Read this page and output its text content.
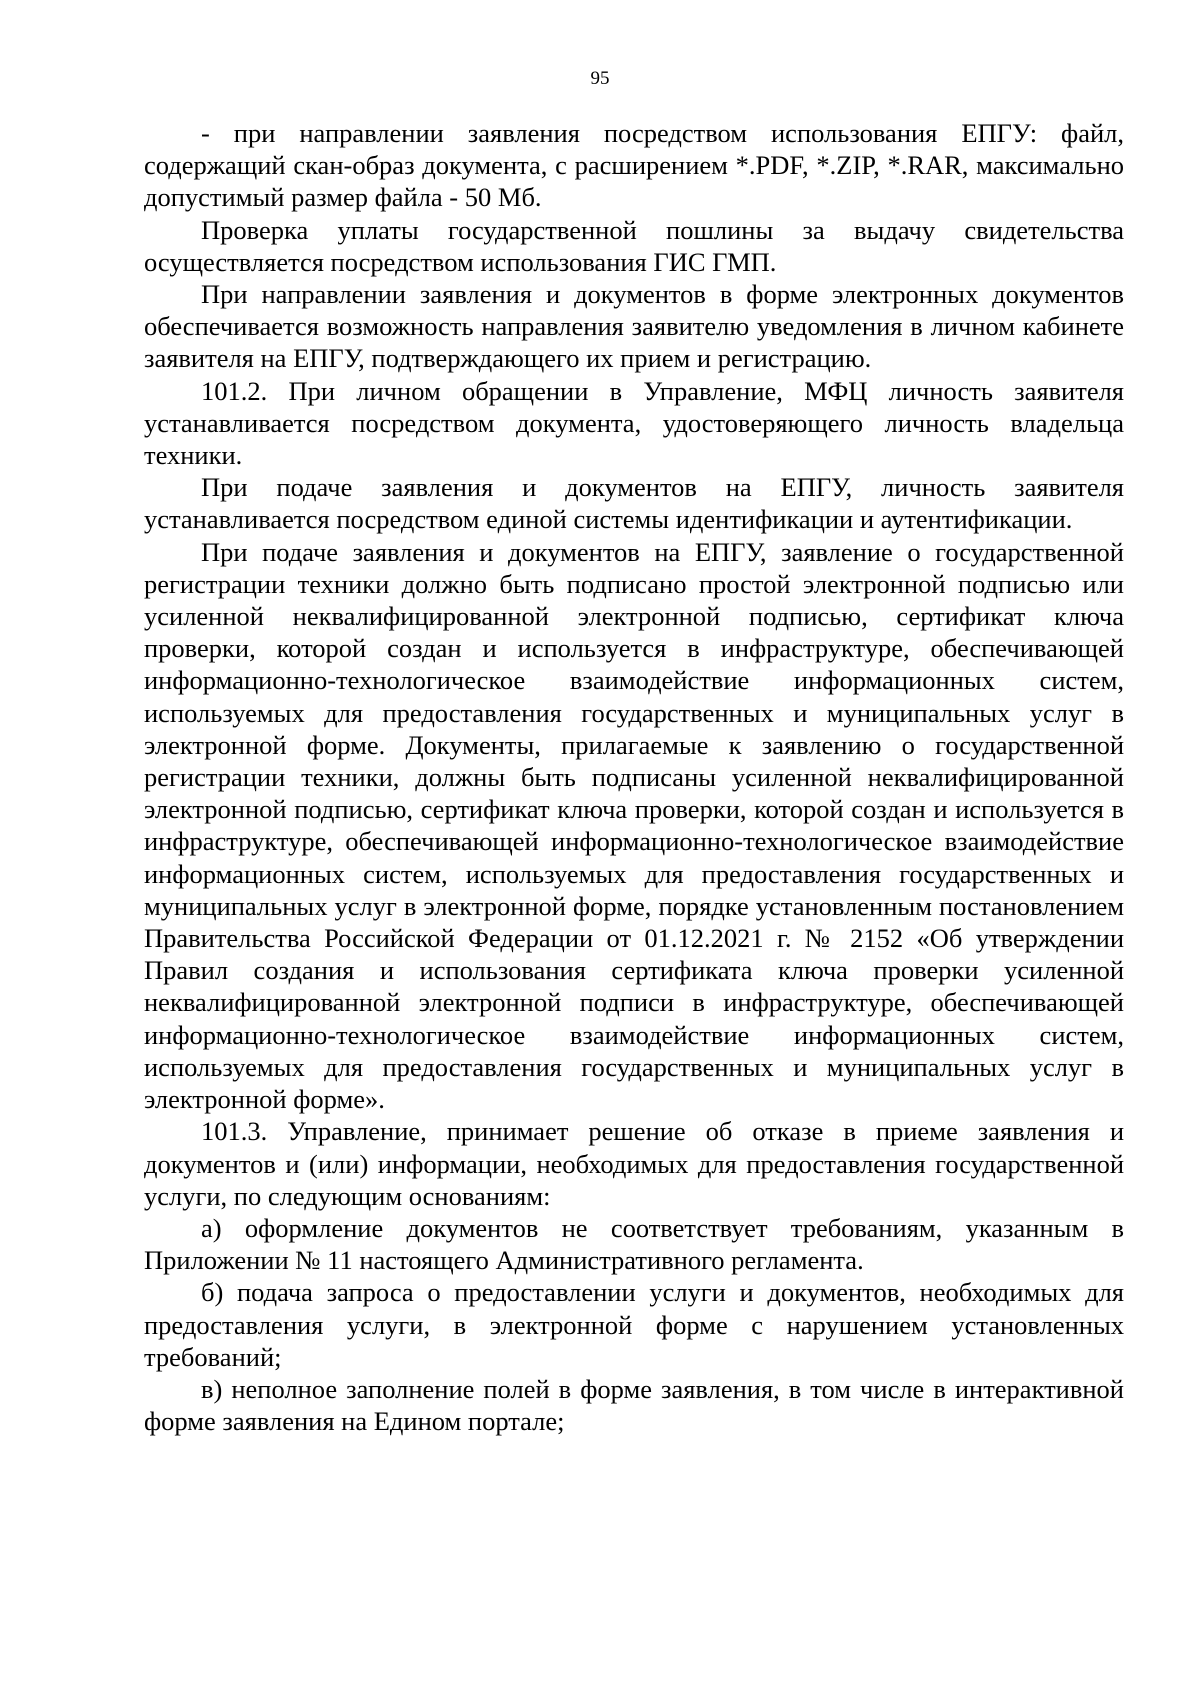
95

- при направлении заявления посредством использования ЕПГУ: файл, содержащий скан-образ документа, с расширением *.PDF, *.ZIP, *.RAR, максимально допустимый размер файла - 50 Мб.

Проверка уплаты государственной пошлины за выдачу свидетельства осуществляется посредством использования ГИС ГМП.

При направлении заявления и документов в форме электронных документов обеспечивается возможность направления заявителю уведомления в личном кабинете заявителя на ЕПГУ, подтверждающего их прием и регистрацию.

101.2. При личном обращении в Управление, МФЦ личность заявителя устанавливается посредством документа, удостоверяющего личность владельца техники.

При подаче заявления и документов на ЕПГУ, личность заявителя устанавливается посредством единой системы идентификации и аутентификации.

При подаче заявления и документов на ЕПГУ, заявление о государственной регистрации техники должно быть подписано простой электронной подписью или усиленной неквалифицированной электронной подписью, сертификат ключа проверки, которой создан и используется в инфраструктуре, обеспечивающей информационно-технологическое взаимодействие информационных систем, используемых для предоставления государственных и муниципальных услуг в электронной форме. Документы, прилагаемые к заявлению о государственной регистрации техники, должны быть подписаны усиленной неквалифицированной электронной подписью, сертификат ключа проверки, которой создан и используется в инфраструктуре, обеспечивающей информационно-технологическое взаимодействие информационных систем, используемых для предоставления государственных и муниципальных услуг в электронной форме, порядке установленным постановлением Правительства Российской Федерации от 01.12.2021 г. № 2152 «Об утверждении Правил создания и использования сертификата ключа проверки усиленной неквалифицированной электронной подписи в инфраструктуре, обеспечивающей информационно-технологическое взаимодействие информационных систем, используемых для предоставления государственных и муниципальных услуг в электронной форме».

101.3. Управление, принимает решение об отказе в приеме заявления и документов и (или) информации, необходимых для предоставления государственной услуги, по следующим основаниям:

а) оформление документов не соответствует требованиям, указанным в Приложении № 11 настоящего Административного регламента.

б) подача запроса о предоставлении услуги и документов, необходимых для предоставления услуги, в электронной форме с нарушением установленных требований;

в) неполное заполнение полей в форме заявления, в том числе в интерактивной форме заявления на Едином портале;
